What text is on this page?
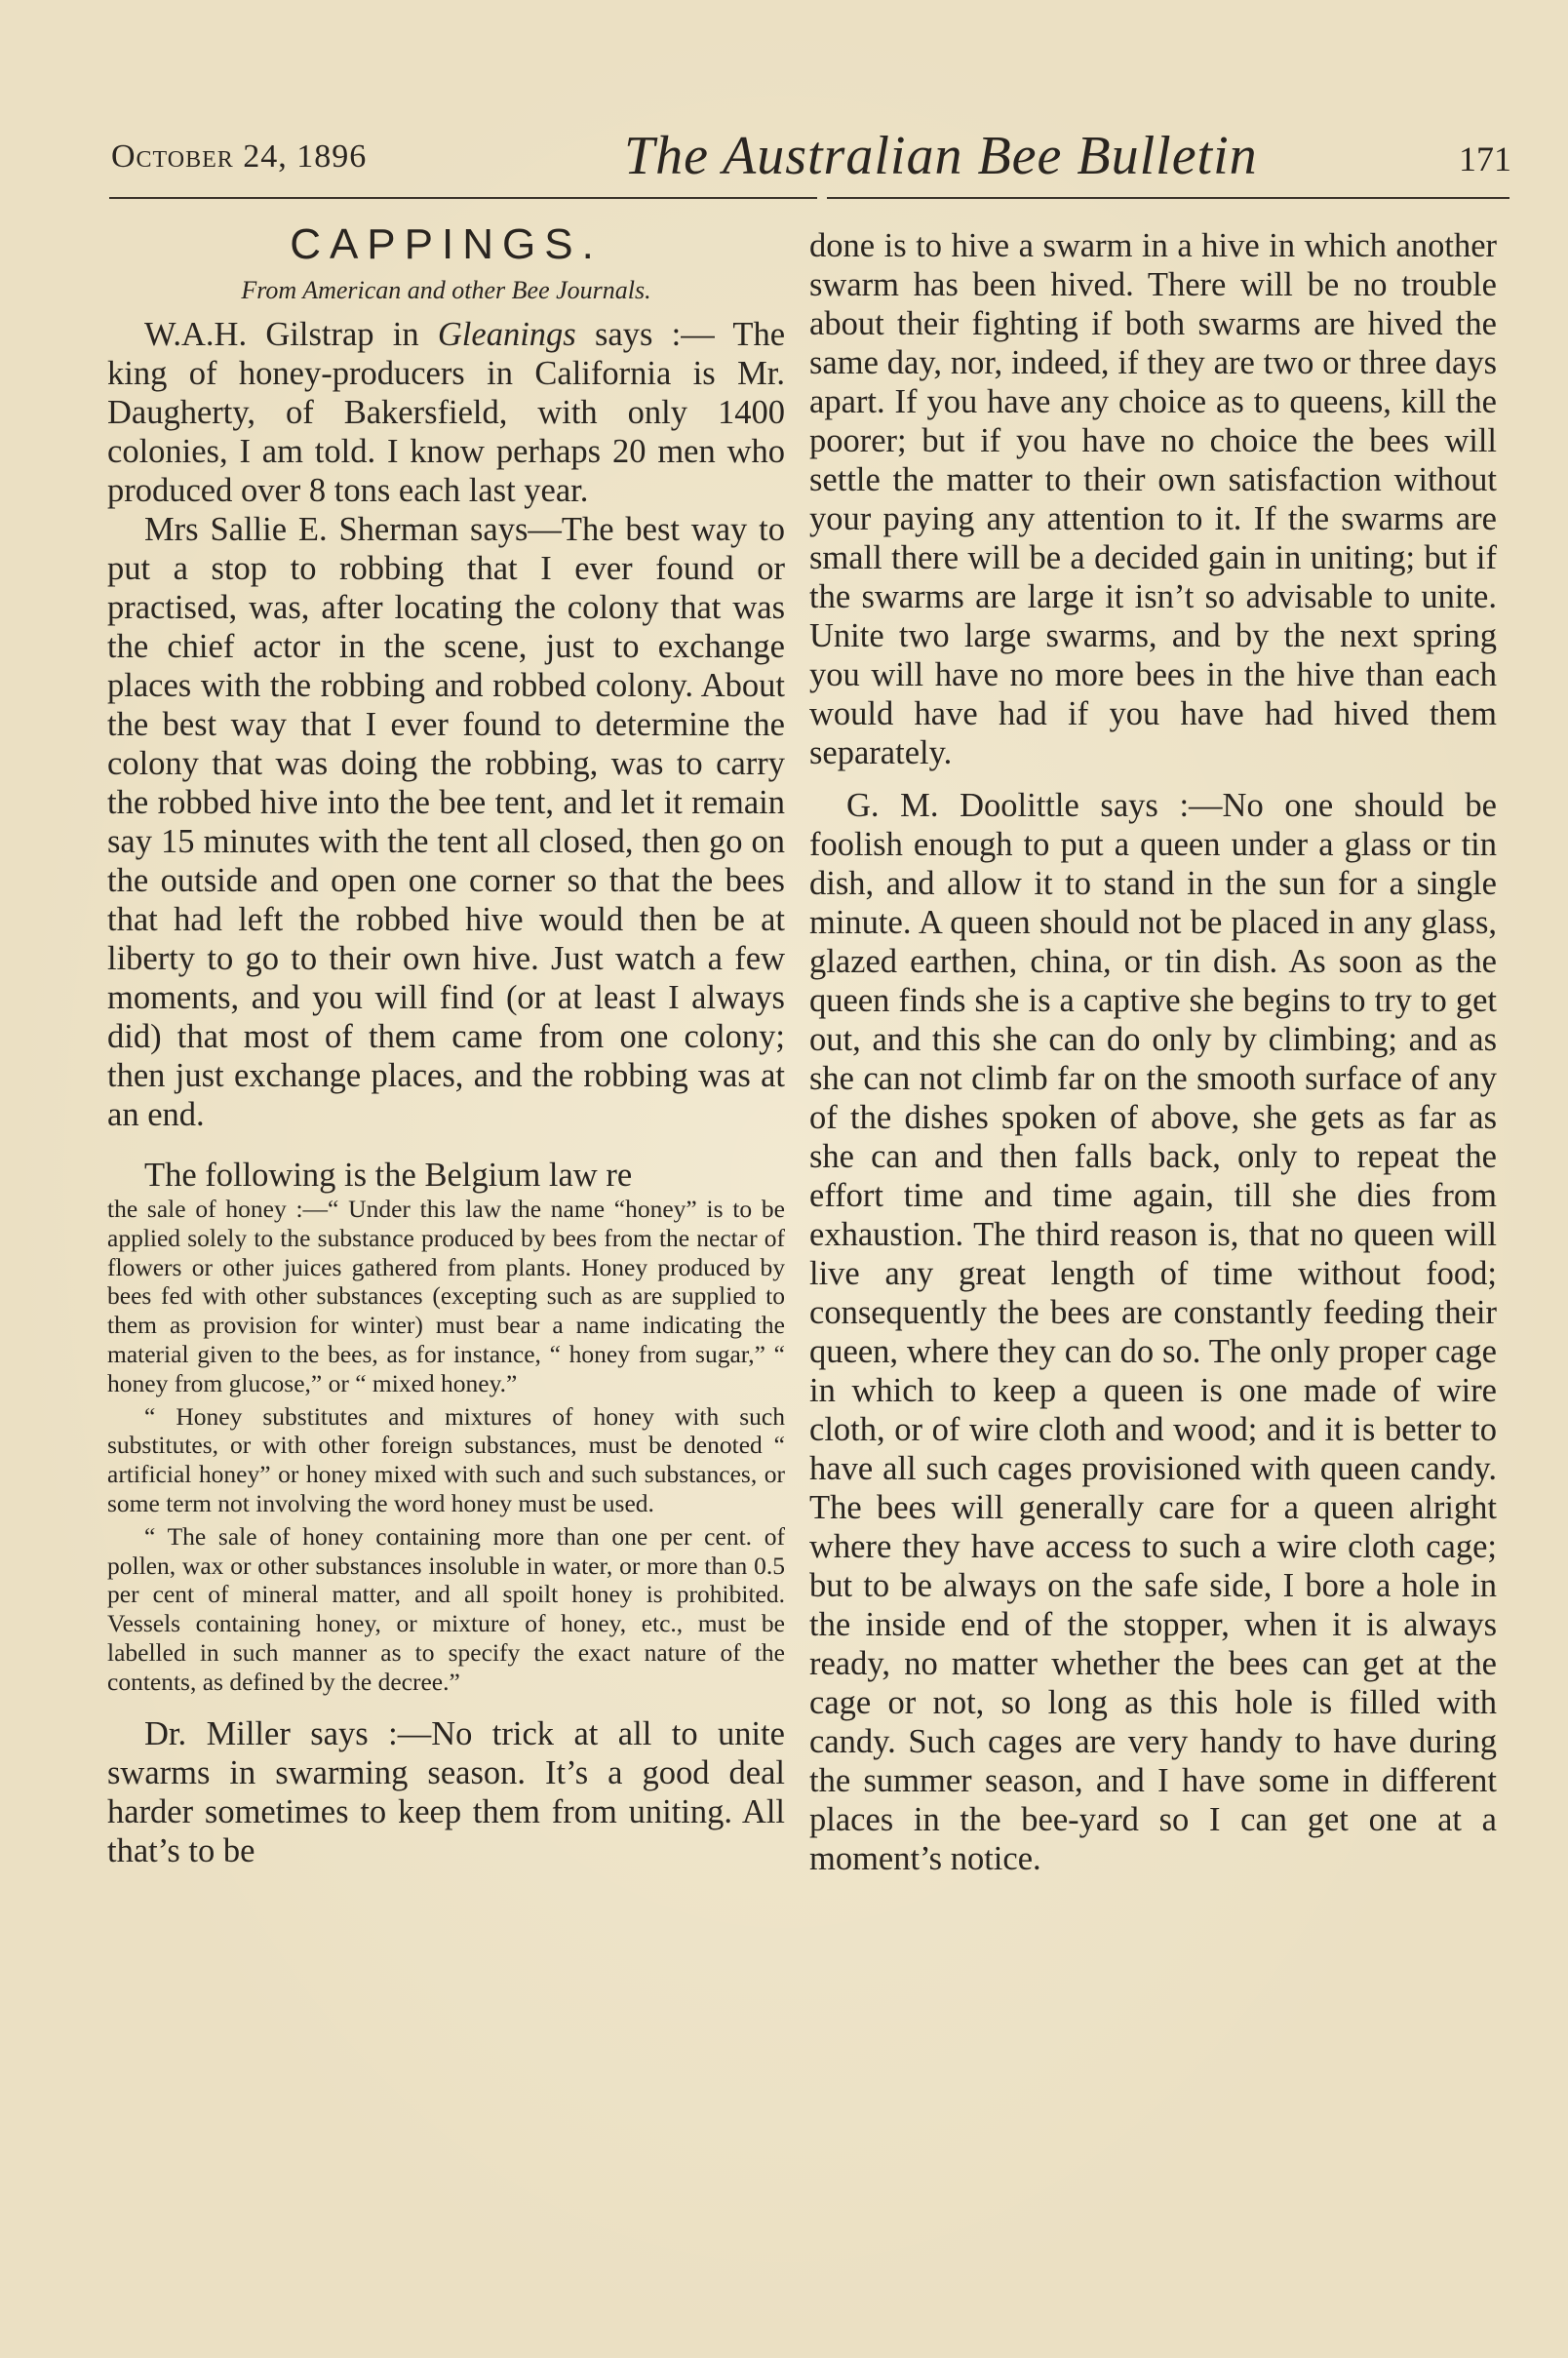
October 24, 1896	The Australian Bee Bulletin	171
CAPPINGS.
From American and other Bee Journals.

W.A.H. Gilstrap in Gleanings says :— The king of honey-producers in California is Mr. Daugherty, of Bakersfield, with only 1400 colonies, I am told. I know perhaps 20 men who produced over 8 tons each last year.

Mrs Sallie E. Sherman says—The best way to put a stop to robbing that I ever found or practised, was, after locating the colony that was the chief actor in the scene, just to exchange places with the robbing and robbed colony. About the best way that I ever found to determine the colony that was doing the robbing, was to carry the robbed hive into the bee tent, and let it remain say 15 minutes with the tent all closed, then go on the outside and open one corner so that the bees that had left the robbed hive would then be at liberty to go to their own hive. Just watch a few moments, and you will find (or at least I always did) that most of them came from one colony; then just exchange places, and the robbing was at an end.

The following is the Belgium law re

the sale of honey :—“ Under this law the name “honey” is to be applied solely to the substance produced by bees from the nectar of flowers or other juices gathered from plants. Honey produced by bees fed with other substances (excepting such as are supplied to them as provision for winter) must bear a name indicating the material given to the bees, as for instance, “ honey from sugar,” “ honey from glucose,” or “ mixed honey.”

“ Honey substitutes and mixtures of honey with such substitutes, or with other foreign substances, must be denoted “ artificial honey” or honey mixed with such and such substances, or some term not involving the word honey must be used.

“ The sale of honey containing more than one per cent. of pollen, wax or other substances insoluble in water, or more than 0.5 per cent of mineral matter, and all spoilt honey is prohibited. Vessels containing honey, or mixture of honey, etc., must be labelled in such manner as to specify the exact nature of the contents, as defined by the decree.”

Dr. Miller says :—No trick at all to unite swarms in swarming season. It’s a good deal harder sometimes to keep them from uniting. All that’s to be

done is to hive a swarm in a hive in which another swarm has been hived. There will be no trouble about their fighting if both swarms are hived the same day, nor, indeed, if they are two or three days apart. If you have any choice as to queens, kill the poorer; but if you have no choice the bees will settle the matter to their own satisfaction without your paying any attention to it. If the swarms are small there will be a decided gain in uniting; but if the swarms are large it isn’t so advisable to unite. Unite two large swarms, and by the next spring you will have no more bees in the hive than each would have had if you have had hived them separately.

G. M. Doolittle says :—No one should be foolish enough to put a queen under a glass or tin dish, and allow it to stand in the sun for a single minute. A queen should not be placed in any glass, glazed earthen, china, or tin dish. As soon as the queen finds she is a captive she begins to try to get out, and this she can do only by climbing; and as she can not climb far on the smooth surface of any of the dishes spoken of above, she gets as far as she can and then falls back, only to repeat the effort time and time again, till she dies from exhaustion. The third reason is, that no queen will live any great length of time without food; consequently the bees are constantly feeding their queen, where they can do so. The only proper cage in which to keep a queen is one made of wire cloth, or of wire cloth and wood; and it is better to have all such cages provisioned with queen candy. The bees will generally care for a queen alright where they have access to such a wire cloth cage; but to be always on the safe side, I bore a hole in the inside end of the stopper, when it is always ready, no matter whether the bees can get at the cage or not, so long as this hole is filled with candy. Such cages are very handy to have during the summer season, and I have some in different places in the bee-yard so I can get one at a moment’s notice.
